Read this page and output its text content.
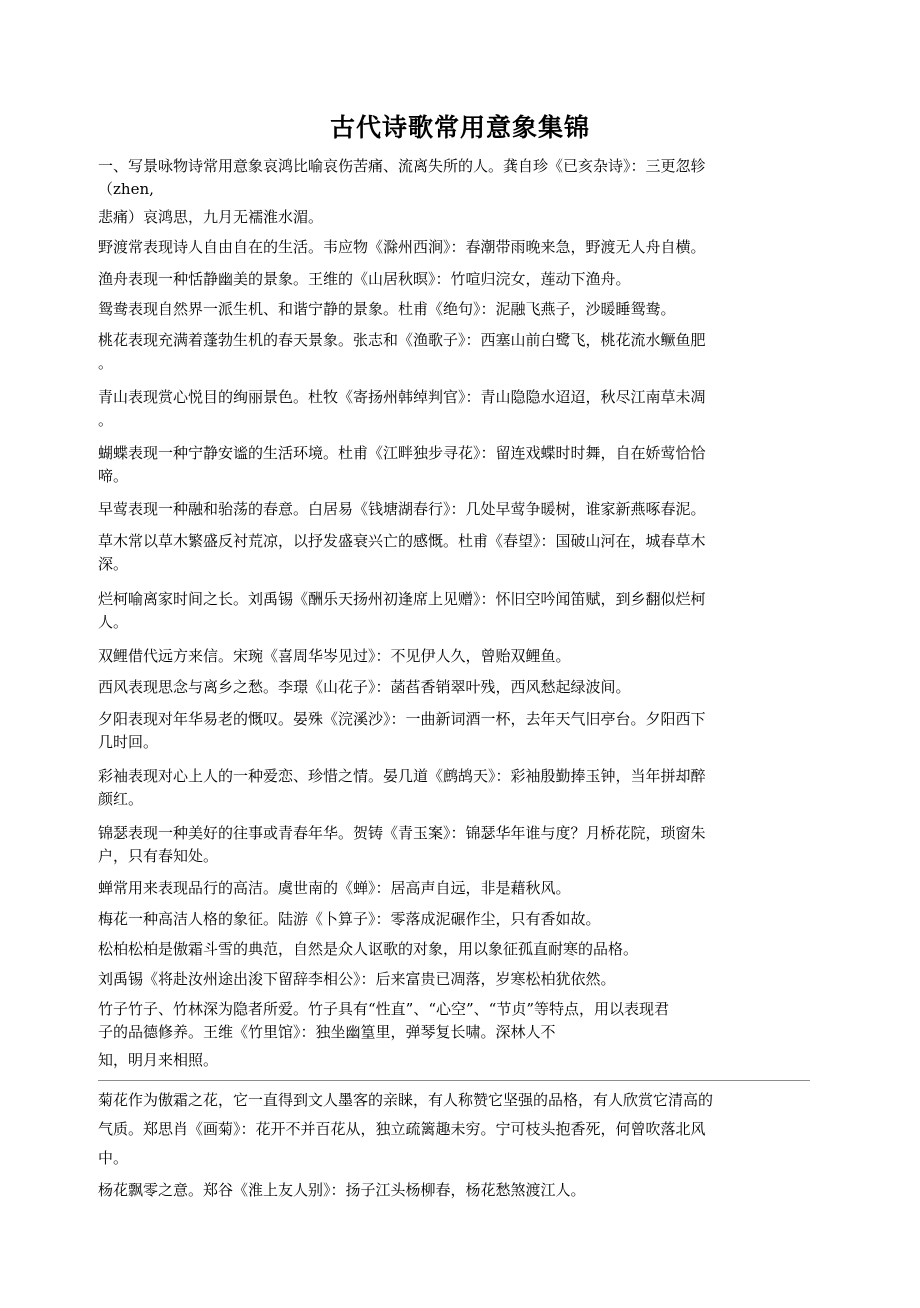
古代诗歌常用意象集锦
一、写景咏物诗常用意象哀鸿比喻哀伤苦痛、流离失所的人。龚自珍《已亥杂诗》：三更忽轸
（zhen,
悲痛）哀鸿思，九月无襦淮水湄。
野渡常表现诗人自由自在的生活。韦应物《滁州西涧》：春潮带雨晚来急，野渡无人舟自横。
渔舟表现一种恬静幽美的景象。王维的《山居秋暝》：竹喧归浣女，莲动下渔舟。
鸳鸯表现自然界一派生机、和谐宁静的景象。杜甫《绝句》：泥融飞燕子，沙暖睡鸳鸯。
桃花表现充满着蓬勃生机的春天景象。张志和《渔歌子》：西塞山前白鹭飞，桃花流水鳜鱼肥
。
青山表现赏心悦目的绚丽景色。杜牧《寄扬州韩绰判官》：青山隐隐水迢迢，秋尽江南草未凋
。
蝴蝶表现一种宁静安谧的生活环境。杜甫《江畔独步寻花》：留连戏蝶时时舞，自在娇莺恰恰
啼。
早莺表现一种融和骀荡的春意。白居易《钱塘湖春行》：几处早莺争暖树，谁家新燕啄春泥。
草木常以草木繁盛反衬荒凉，以抒发盛衰兴亡的感慨。杜甫《春望》：国破山河在，城春草木
深。
烂柯喻离家时间之长。刘禹锡《酬乐天扬州初逢席上见赠》：怀旧空吟闻笛赋，到乡翻似烂柯
人。
双鲤借代远方来信。宋琬《喜周华岑见过》：不见伊人久，曾贻双鲤鱼。
西风表现思念与离乡之愁。李璟《山花子》：菡萏香销翠叶残，西风愁起绿波间。
夕阳表现对年华易老的慨叹。晏殊《浣溪沙》：一曲新词酒一杯，去年天气旧亭台。夕阳西下
几时回。
彩袖表现对心上人的一种爱恋、珍惜之情。晏几道《鹧鸪天》：彩袖殷勤捧玉钟，当年拼却醉
颜红。
锦瑟表现一种美好的往事或青春年华。贺铸《青玉案》：锦瑟华年谁与度？月桥花院，琐窗朱
户，只有春知处。
蝉常用来表现品行的高洁。虞世南的《蝉》：居高声自远，非是藉秋风。
梅花一种高洁人格的象征。陆游《卜算子》：零落成泥碾作尘，只有香如故。
松柏松柏是傲霜斗雪的典范，自然是众人讴歌的对象，用以象征孤直耐寒的品格。
刘禹锡《将赴汝州途出浚下留辞李相公》：后来富贵已凋落，岁寒松柏犹依然。
竹子竹子、竹林深为隐者所爱。竹子具有“性直”、“心空”、“节贞”等特点，用以表现君
子的品德修养。王维《竹里馆》：独坐幽篁里，弹琴复长啸。深林人不
知，明月来相照。
菊花作为傲霜之花，它一直得到文人墨客的亲睐，有人称赞它坚强的品格，有人欣赏它清高的
气质。郑思肖《画菊》：花开不并百花从，独立疏篱趣未穷。宁可枝头抱香死，何曾吹落北风
中。
杨花飘零之意。郑谷《淮上友人别》：扬子江头杨柳春，杨花愁煞渡江人。
